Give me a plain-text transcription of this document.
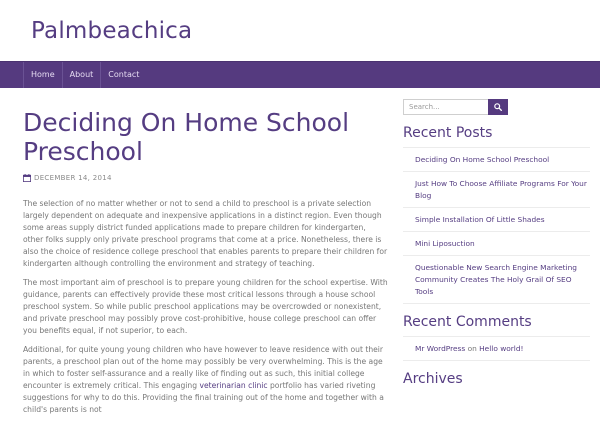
Palmbeachica
Home	About	Contact
Deciding On Home School Preschool
DECEMBER 14, 2014

The selection of no matter whether or not to send a child to preschool is a private selection largely dependent on adequate and inexpensive applications in a distinct region. Even though some areas supply district funded applications made to prepare children for kindergarten, other folks supply only private preschool programs that come at a price. Nonetheless, there is also the choice of residence college preschool that enables parents to prepare their children for kindergarten although controlling the environment and strategy of teaching.

The most important aim of preschool is to prepare young children for the school expertise. With guidance, parents can effectively provide these most critical lessons through a house school preschool system. So while public preschool applications may be overcrowded or nonexistent, and private preschool may possibly prove cost-prohibitive, house college preschool can offer you benefits equal, if not superior, to each.

Additional, for quite young young children who have however to leave residence with out their parents, a preschool plan out of the home may possibly be very overwhelming. This is the age in which to foster self-assurance and a really like of finding out as such, this initial college encounter is extremely critical. This engaging veterinarian clinic portfolio has varied riveting suggestions for why to do this. Providing the final training out of the home and together with a child's parents is not

Search...
Recent Posts
Deciding On Home School Preschool
Just How To Choose Affiliate Programs For Your Blog
Simple Installation Of Little Shades
Mini Liposuction
Questionable New Search Engine Marketing Community Creates The Holy Grail Of SEO Tools
Recent Comments
Mr WordPress on Hello world!
Archives
